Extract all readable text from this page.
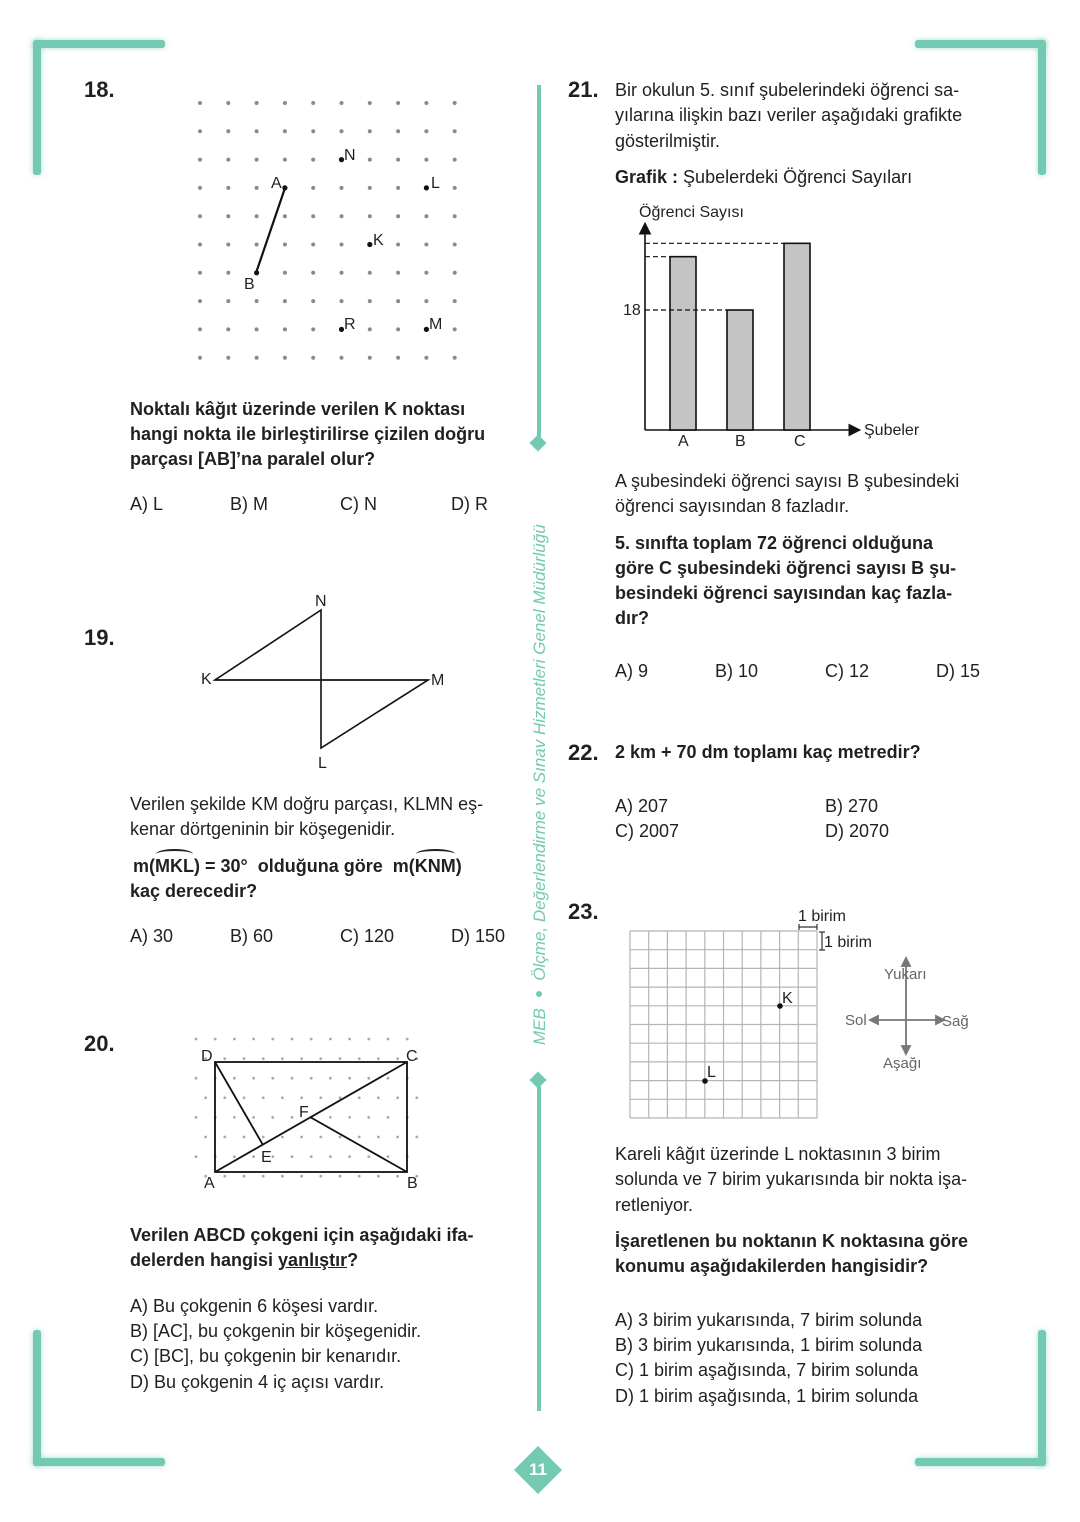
MEB  Ölçme, Değerlendirme ve Sınav Hizmetleri Genel Müdürlüğü
11
18.
A
B
N
L
K
R	M
Noktalı kâğıt üzerinde verilen K noktası
hangi nokta ile birleştirilirse çizilen doğru
parçası [AB]’na paralel olur?
A) L	B) M	C) N	D) R
19.
N
K	M
L
Verilen şekilde KM doğru parçası, KLMN eş-
kenar dörtgeninin bir köşegenidir.
m(MKL) = 30°  olduğuna göre  m(KNM)
kaç derecedir?
A) 30	B) 60	C) 120	D) 150
20.
D	C
A	B
E
F
Verilen ABCD çokgeni için aşağıdaki ifa-
delerden hangisi yanlıştır?
A) Bu çokgenin 6 köşesi vardır.
B) [AC], bu çokgenin bir köşegenidir.
C) [BC], bu çokgenin bir kenarıdır.
D) Bu çokgenin 4 iç açısı vardır.
21. Bir okulun 5. sınıf şubelerindeki öğrenci sa-
yılarına ilişkin bazı veriler aşağıdaki grafikte
gösterilmiştir.
Grafik : Şubelerdeki Öğrenci Sayıları
Öğrenci Sayısı
Şubeler
18
A	B	C
A şubesindeki öğrenci sayısı B şubesindeki
öğrenci sayısından 8 fazladır.
5. sınıfta toplam 72 öğrenci olduğuna
göre C şubesindeki öğrenci sayısı B şu-
besindeki öğrenci sayısından kaç fazla-
dır?
A) 9	B) 10	C) 12	D) 15
22. 2 km + 70 dm toplamı kaç metredir?
A) 207	B) 270
C) 2007	D) 2070
23.	1 birim
1 birim
K
L
Yukarı
Aşağı
Sol	Sağ
Kareli kâğıt üzerinde L noktasının 3 birim
solunda ve 7 birim yukarısında bir nokta işa-
retleniyor.
İşaretlenen bu noktanın K noktasına göre
konumu aşağıdakilerden hangisidir?
A) 3 birim yukarısında, 7 birim solunda
B) 3 birim yukarısında, 1 birim solunda
C) 1 birim aşağısında, 7 birim solunda
D) 1 birim aşağısında, 1 birim solunda
